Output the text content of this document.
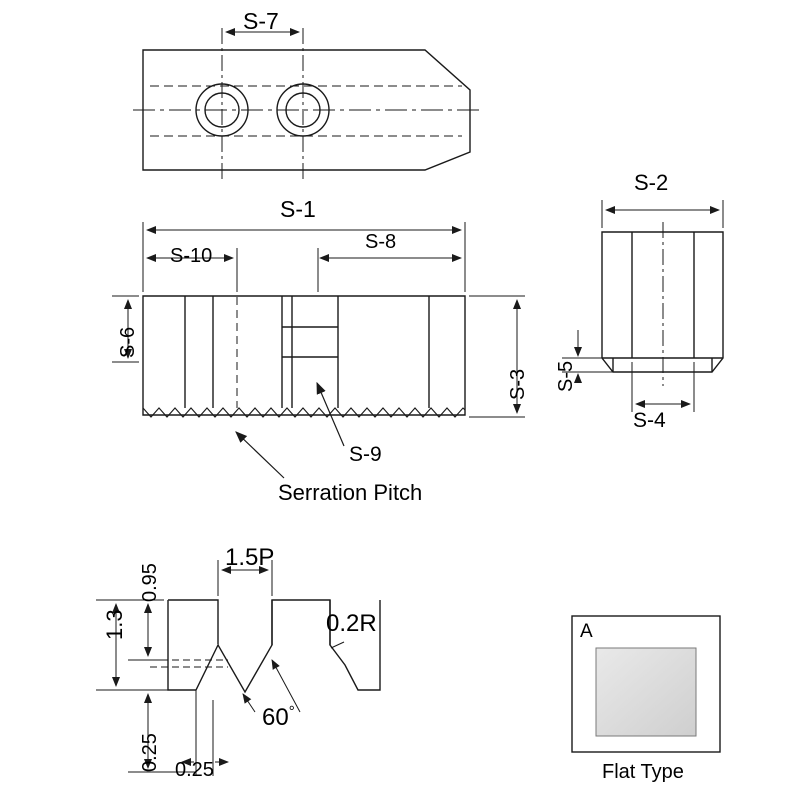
S-7
S-1
S-8
S-10
S-6
S-3
S-9
Serration Pitch
S-2
S-4
S-5
1.5P
0.95
1.3
0.25 0.25
0.2R
60°
A
Flat Type
